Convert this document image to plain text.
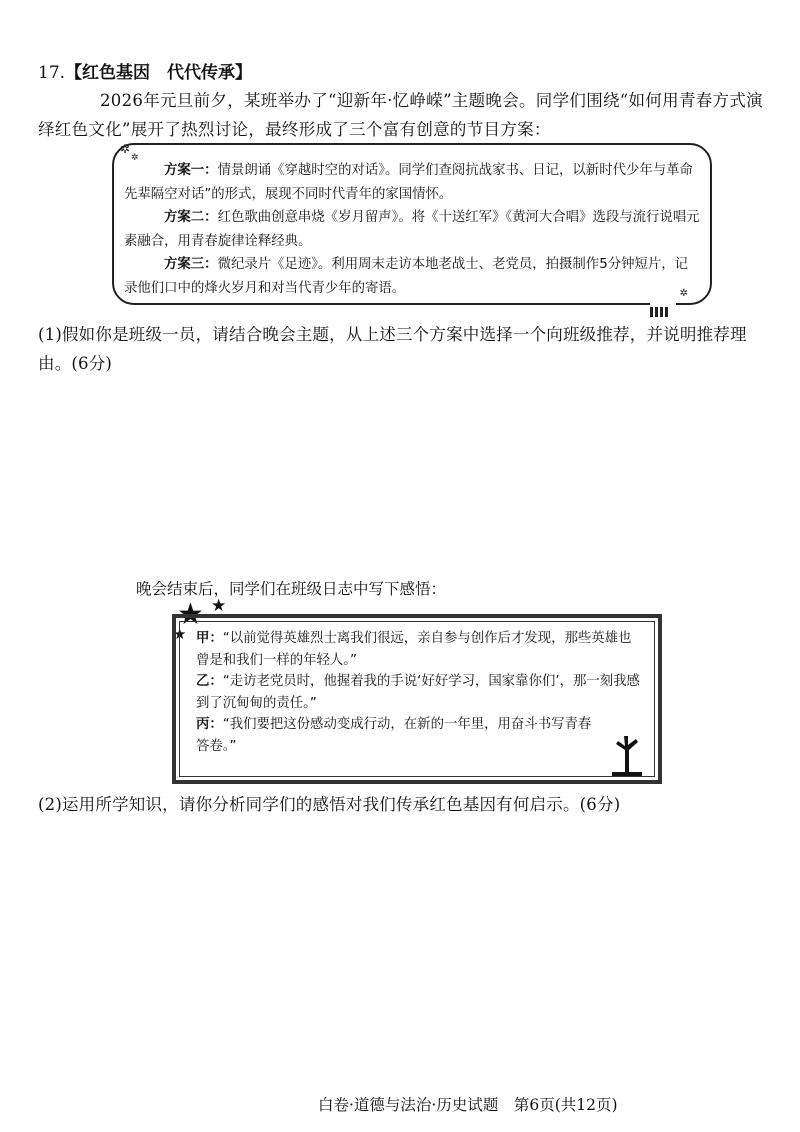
17.【红色基因　代代传承】
2026年元旦前夕，某班举办了“迎新年·忆峥嵘”主题晚会。同学们围绕“如何用青春方式演绎红色文化”展开了热烈讨论，最终形成了三个富有创意的节目方案：
✲
✲
✲

方案一：情景朗诵《穿越时空的对话》。同学们查阅抗战家书、日记，以新时代少年与革命先辈隔空对话”的形式，展现不同时代青年的家国情怀。

方案二：红色歌曲创意串烧《岁月留声》。将《十送红军》《黄河大合唱》选段与流行说唱元素融合，用青春旋律诠释经典。

方案三：微纪录片《足迹》。利用周末走访本地老战士、老党员，拍摄制作5分钟短片，记录他们口中的烽火岁月和对当代青少年的寄语。

(1)假如你是班级一员，请结合晚会主题，从上述三个方案中选择一个向班级推荐，并说明推荐理由。(6分)
晚会结束后，同学们在班级日志中写下感悟：
★ ★
★ 甲：“以前觉得英雄烈士离我们很远，亲自参与创作后才发现，那些英雄也曾是和我们一样的年轻人。”

乙：“走访老党员时，他握着我的手说‘好好学习，国家靠你们’，那一刻我感到了沉甸甸的责任。”

丙：“我们要把这份感动变成行动，在新的一年里，用奋斗书写青春答卷。”

(2)运用所学知识，请你分析同学们的感悟对我们传承红色基因有何启示。(6分)
白卷·道德与法治·历史试题　第6页(共12页)
